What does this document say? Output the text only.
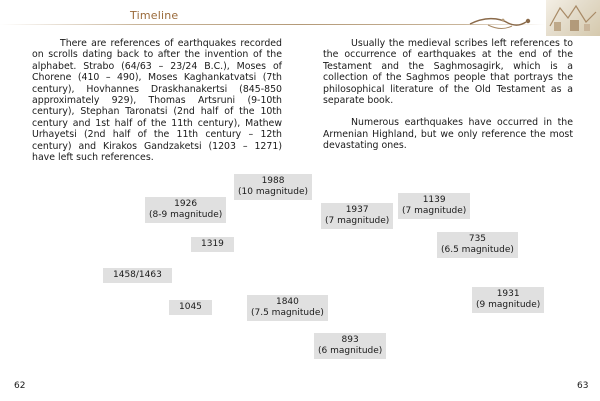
Timeline

There are references of earthquakes recorded on scrolls dating back to after the invention of the alphabet. Strabo (64/63 – 23/24 B.C.), Moses of Chorene (410 – 490), Moses Kaghankatvatsi (7th century), Hovhannes Draskhanakertsi (845-850 approximately 929), Thomas Artsruni (9-10th century), Stephan Taronatsi (2nd half of the 10th century and 1st half of the 11th century), Mathew Urhayetsi (2nd half of the 11th century – 12th century) and Kirakos Gandzaketsi (1203 – 1271) have left such references.

Usually the medieval scribes left references to the occurrence of earthquakes at the end of the Testament and the Saghmosagirk, which is a collection of the Saghmos people that portrays the philosophical literature of the Old Testament as a separate book.

Numerous earthquakes have occurred in the Armenian Highland, but we only reference the most devastating ones.

1988
(10 magnitude)
1926
(8-9 magnitude)	1937
(7 magnitude)
1139
(7 magnitude)
735
(6.5 magnitude)
1319
1458/1463
1931
(9 magnitude)
1045	1840
(7.5 magnitude)
893
(6 magnitude)
62	63
